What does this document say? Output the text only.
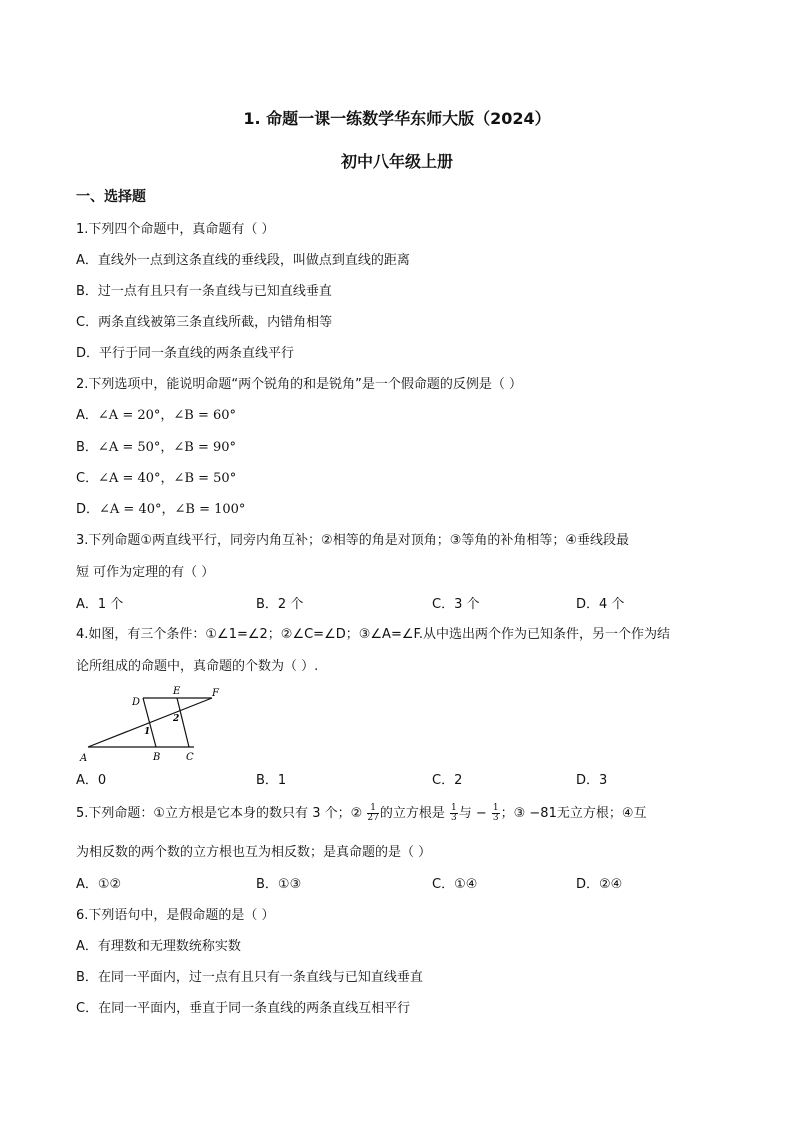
1. 命题一课一练数学华东师大版（2024）
初中八年级上册
一、选择题
1.下列四个命题中，真命题有（ ）
A．直线外一点到这条直线的垂线段，叫做点到直线的距离
B．过一点有且只有一条直线与已知直线垂直
C．两条直线被第三条直线所截，内错角相等
D．平行于同一条直线的两条直线平行
2.下列选项中，能说明命题“两个锐角的和是锐角”是一个假命题的反例是（ ）
A．∠A = 20°，∠B = 60°
B．∠A = 50°，∠B = 90°
C．∠A = 40°，∠B = 50°
D．∠A = 40°，∠B = 100°
3.下列命题①两直线平行，同旁内角互补；②相等的角是对顶角；③等角的补角相等；④垂线段最
短 可作为定理的有（ ）
A．1 个	B．2 个	C．3 个	D．4 个
4.如图，有三个条件：①∠1=∠2；②∠C=∠D；③∠A=∠F.从中选出两个作为已知条件，另一个作为结
论所组成的命题中，真命题的个数为（ ）.
A	B	C
D
E	F
1
2
A．0	B．1	C．2	D．3
5.下列命题：①立方根是它本身的数只有 3 个；② $\frac{1}{27}$ 的立方根是 $\frac{1}{3}$ 与 − $\frac{1}{3}$ ；③ −81无立方根；④互
为相反数的两个数的立方根也互为相反数；是真命题的是（ ）
A．①②	B．①③	C．①④	D．②④
6.下列语句中，是假命题的是（ ）
A．有理数和无理数统称实数
B．在同一平面内，过一点有且只有一条直线与已知直线垂直
C．在同一平面内，垂直于同一条直线的两条直线互相平行
